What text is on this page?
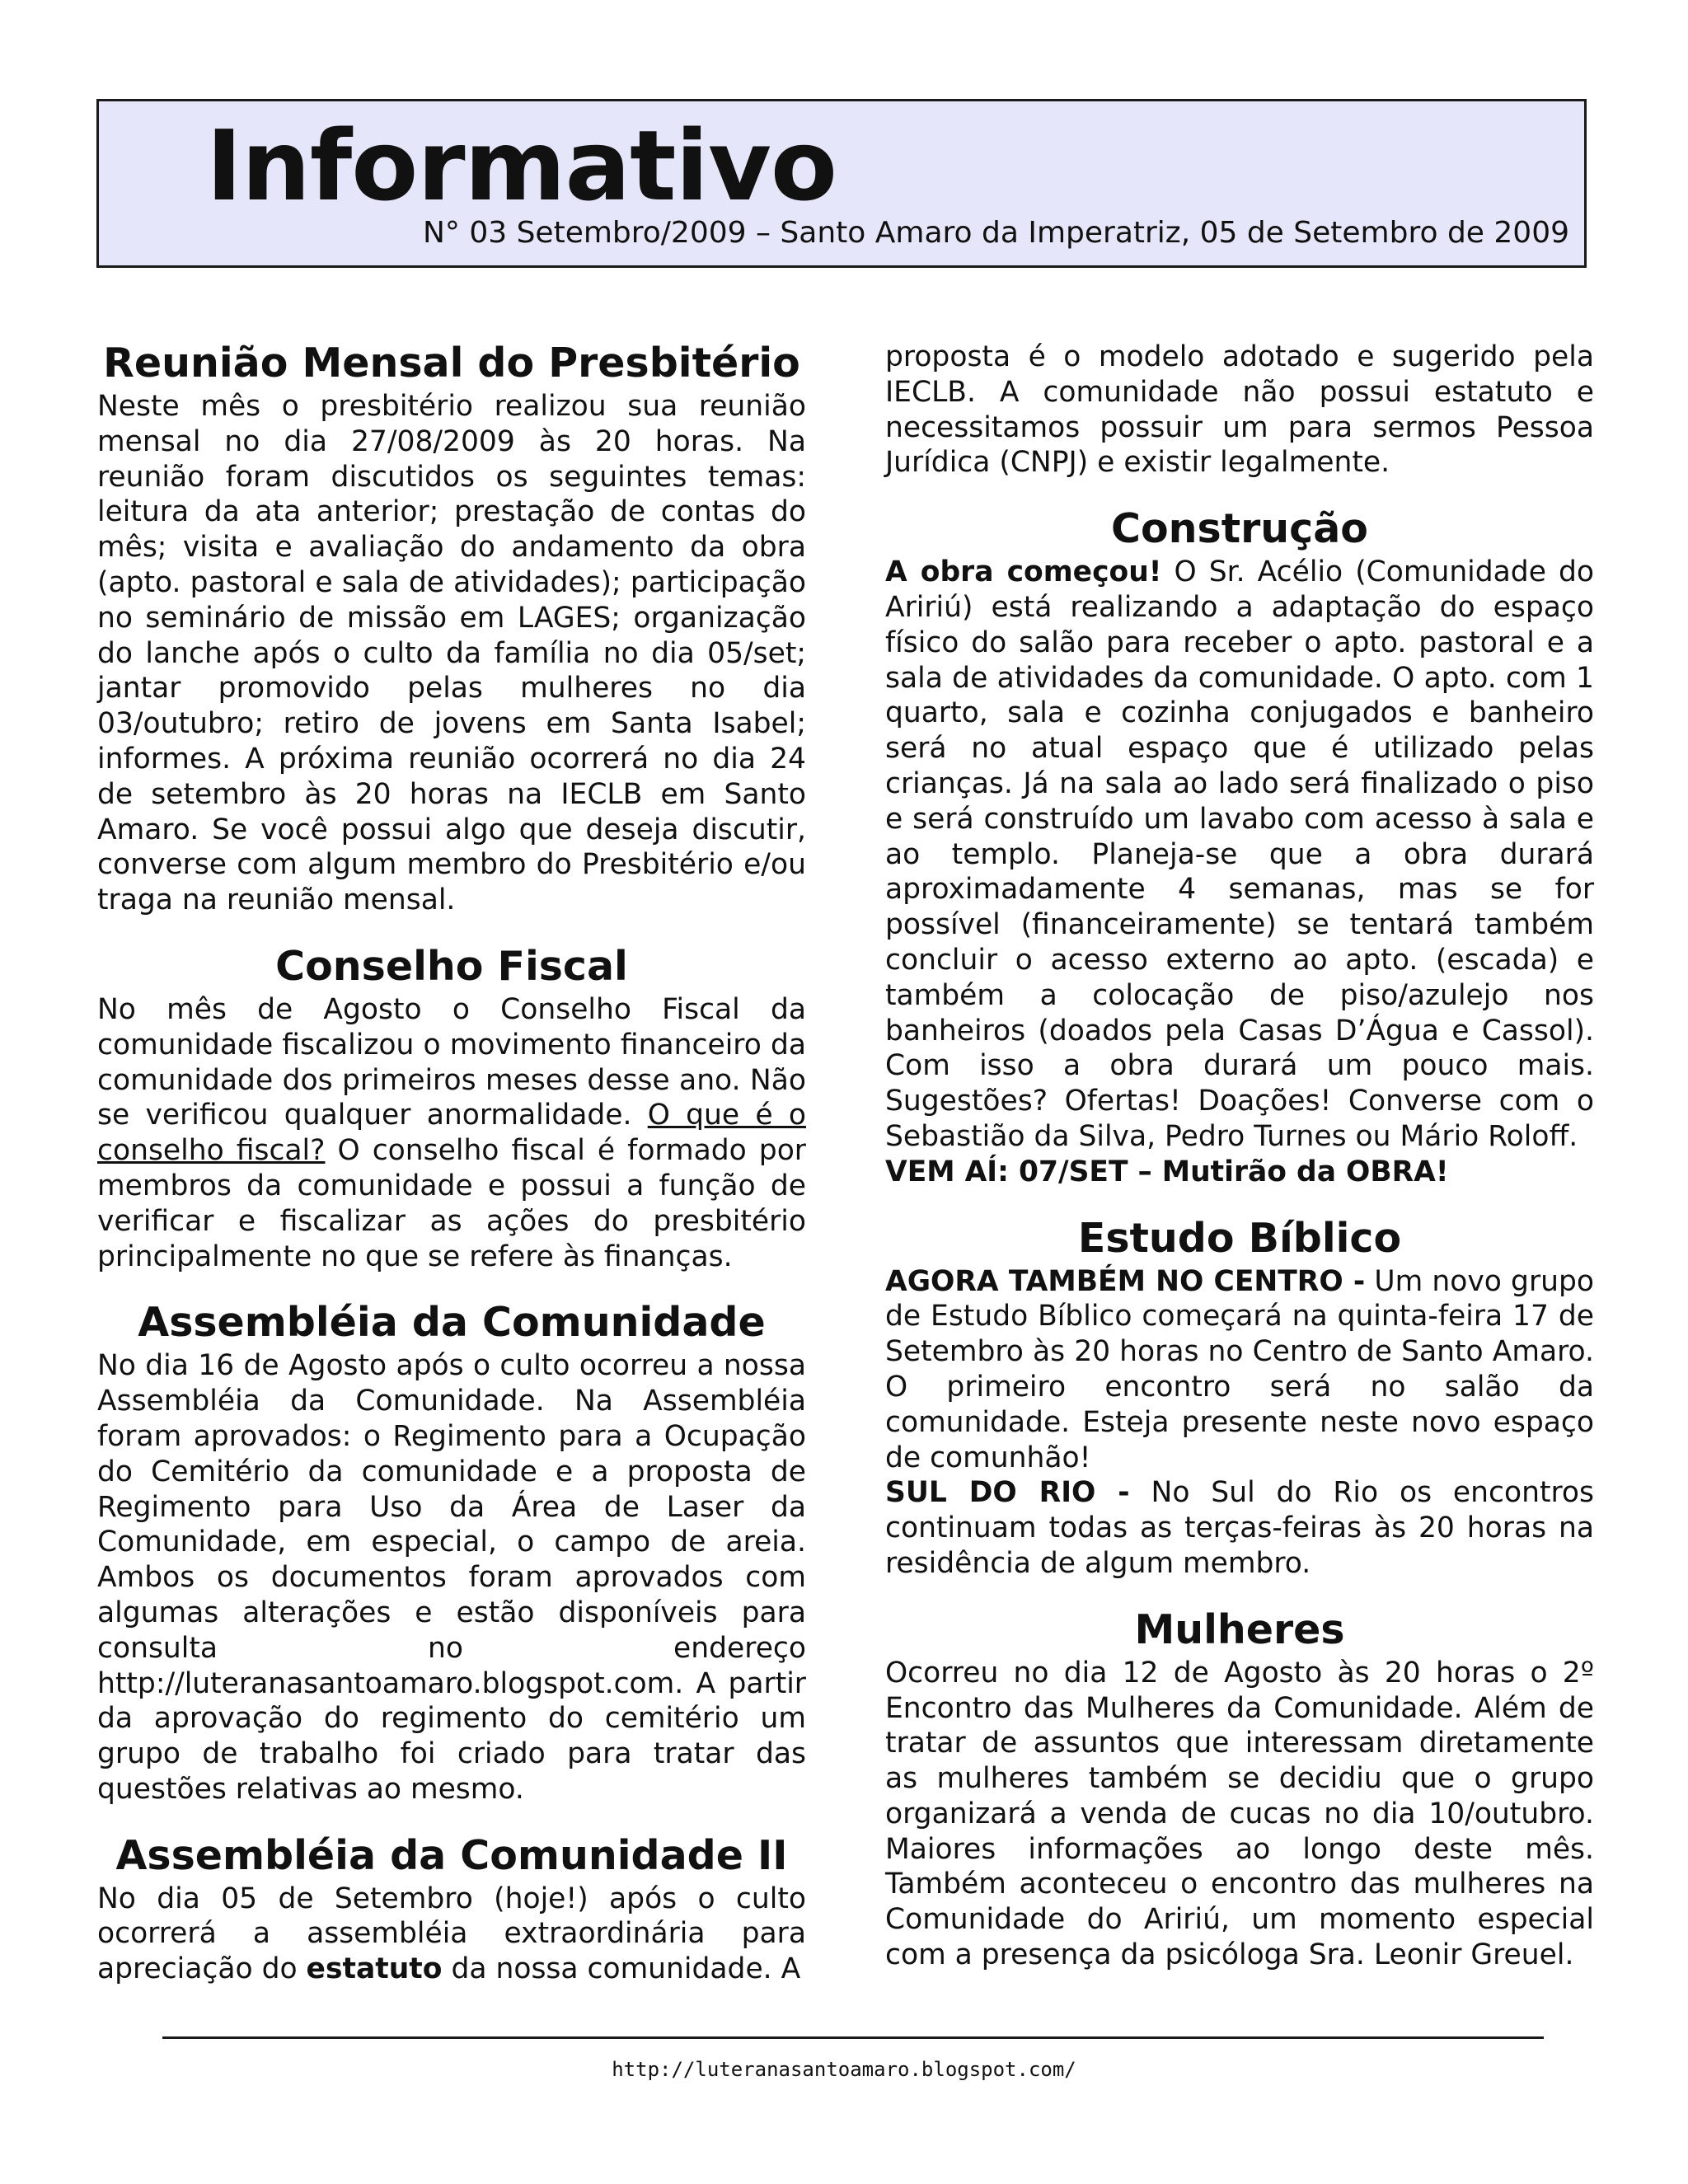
Informativo
N° 03 Setembro/2009 – Santo Amaro da Imperatriz, 05 de Setembro de 2009
Reunião Mensal do Presbitério

Neste mês o presbitério realizou sua reunião mensal no dia 27/08/2009 às 20 horas. Na reunião foram discutidos os seguintes temas: leitura da ata anterior; prestação de contas do mês; visita e avaliação do andamento da obra (apto. pastoral e sala de atividades); participação no seminário de missão em LAGES; organização do lanche após o culto da família no dia 05/set; jantar promovido pelas mulheres no dia 03/outubro; retiro de jovens em Santa Isabel; informes. A próxima reunião ocorrerá no dia 24 de setembro às 20 horas na IECLB em Santo Amaro. Se você possui algo que deseja discutir, converse com algum membro do Presbitério e/ou traga na reunião mensal.

Conselho Fiscal

No mês de Agosto o Conselho Fiscal da comunidade fiscalizou o movimento financeiro da comunidade dos primeiros meses desse ano. Não se verificou qualquer anormalidade. O que é o conselho fiscal? O conselho fiscal é formado por membros da comunidade e possui a função de verificar e fiscalizar as ações do presbitério principalmente no que se refere às finanças.

Assembléia da Comunidade

No dia 16 de Agosto após o culto ocorreu a nossa Assembléia da Comunidade. Na Assembléia foram aprovados: o Regimento para a Ocupação do Cemitério da comunidade e a proposta de Regimento para Uso da Área de Laser da Comunidade, em especial, o campo de areia. Ambos os documentos foram aprovados com algumas alterações e estão disponíveis para consulta no endereço http://luteranasantoamaro.blogspot.com. A partir da aprovação do regimento do cemitério um grupo de trabalho foi criado para tratar das questões relativas ao mesmo.

Assembléia da Comunidade II

No dia 05 de Setembro (hoje!) após o culto ocorrerá a assembléia extraordinária para apreciação do estatuto da nossa comunidade. A

proposta é o modelo adotado e sugerido pela IECLB. A comunidade não possui estatuto e necessitamos possuir um para sermos Pessoa Jurídica (CNPJ) e existir legalmente.

Construção

A obra começou! O Sr. Acélio (Comunidade do Aririú) está realizando a adaptação do espaço físico do salão para receber o apto. pastoral e a sala de atividades da comunidade. O apto. com 1 quarto, sala e cozinha conjugados e banheiro será no atual espaço que é utilizado pelas crianças. Já na sala ao lado será finalizado o piso e será construído um lavabo com acesso à sala e ao templo. Planeja-se que a obra durará aproximadamente 4 semanas, mas se for possível (financeiramente) se tentará também concluir o acesso externo ao apto. (escada) e também a colocação de piso/azulejo nos banheiros (doados pela Casas D’Água e Cassol). Com isso a obra durará um pouco mais. Sugestões? Ofertas! Doações! Converse com o Sebastião da Silva, Pedro Turnes ou Mário Roloff.

VEM AÍ: 07/SET – Mutirão da OBRA!

Estudo Bíblico

AGORA TAMBÉM NO CENTRO - Um novo grupo de Estudo Bíblico começará na quinta-feira 17 de Setembro às 20 horas no Centro de Santo Amaro. O primeiro encontro será no salão da comunidade. Esteja presente neste novo espaço de comunhão!

SUL DO RIO - No Sul do Rio os encontros continuam todas as terças-feiras às 20 horas na residência de algum membro.

Mulheres

Ocorreu no dia 12 de Agosto às 20 horas o 2º Encontro das Mulheres da Comunidade. Além de tratar de assuntos que interessam diretamente as mulheres também se decidiu que o grupo organizará a venda de cucas no dia 10/outubro. Maiores informações ao longo deste mês. Também aconteceu o encontro das mulheres na Comunidade do Aririú, um momento especial com a presença da psicóloga Sra. Leonir Greuel.

http://luteranasantoamaro.blogspot.com/
